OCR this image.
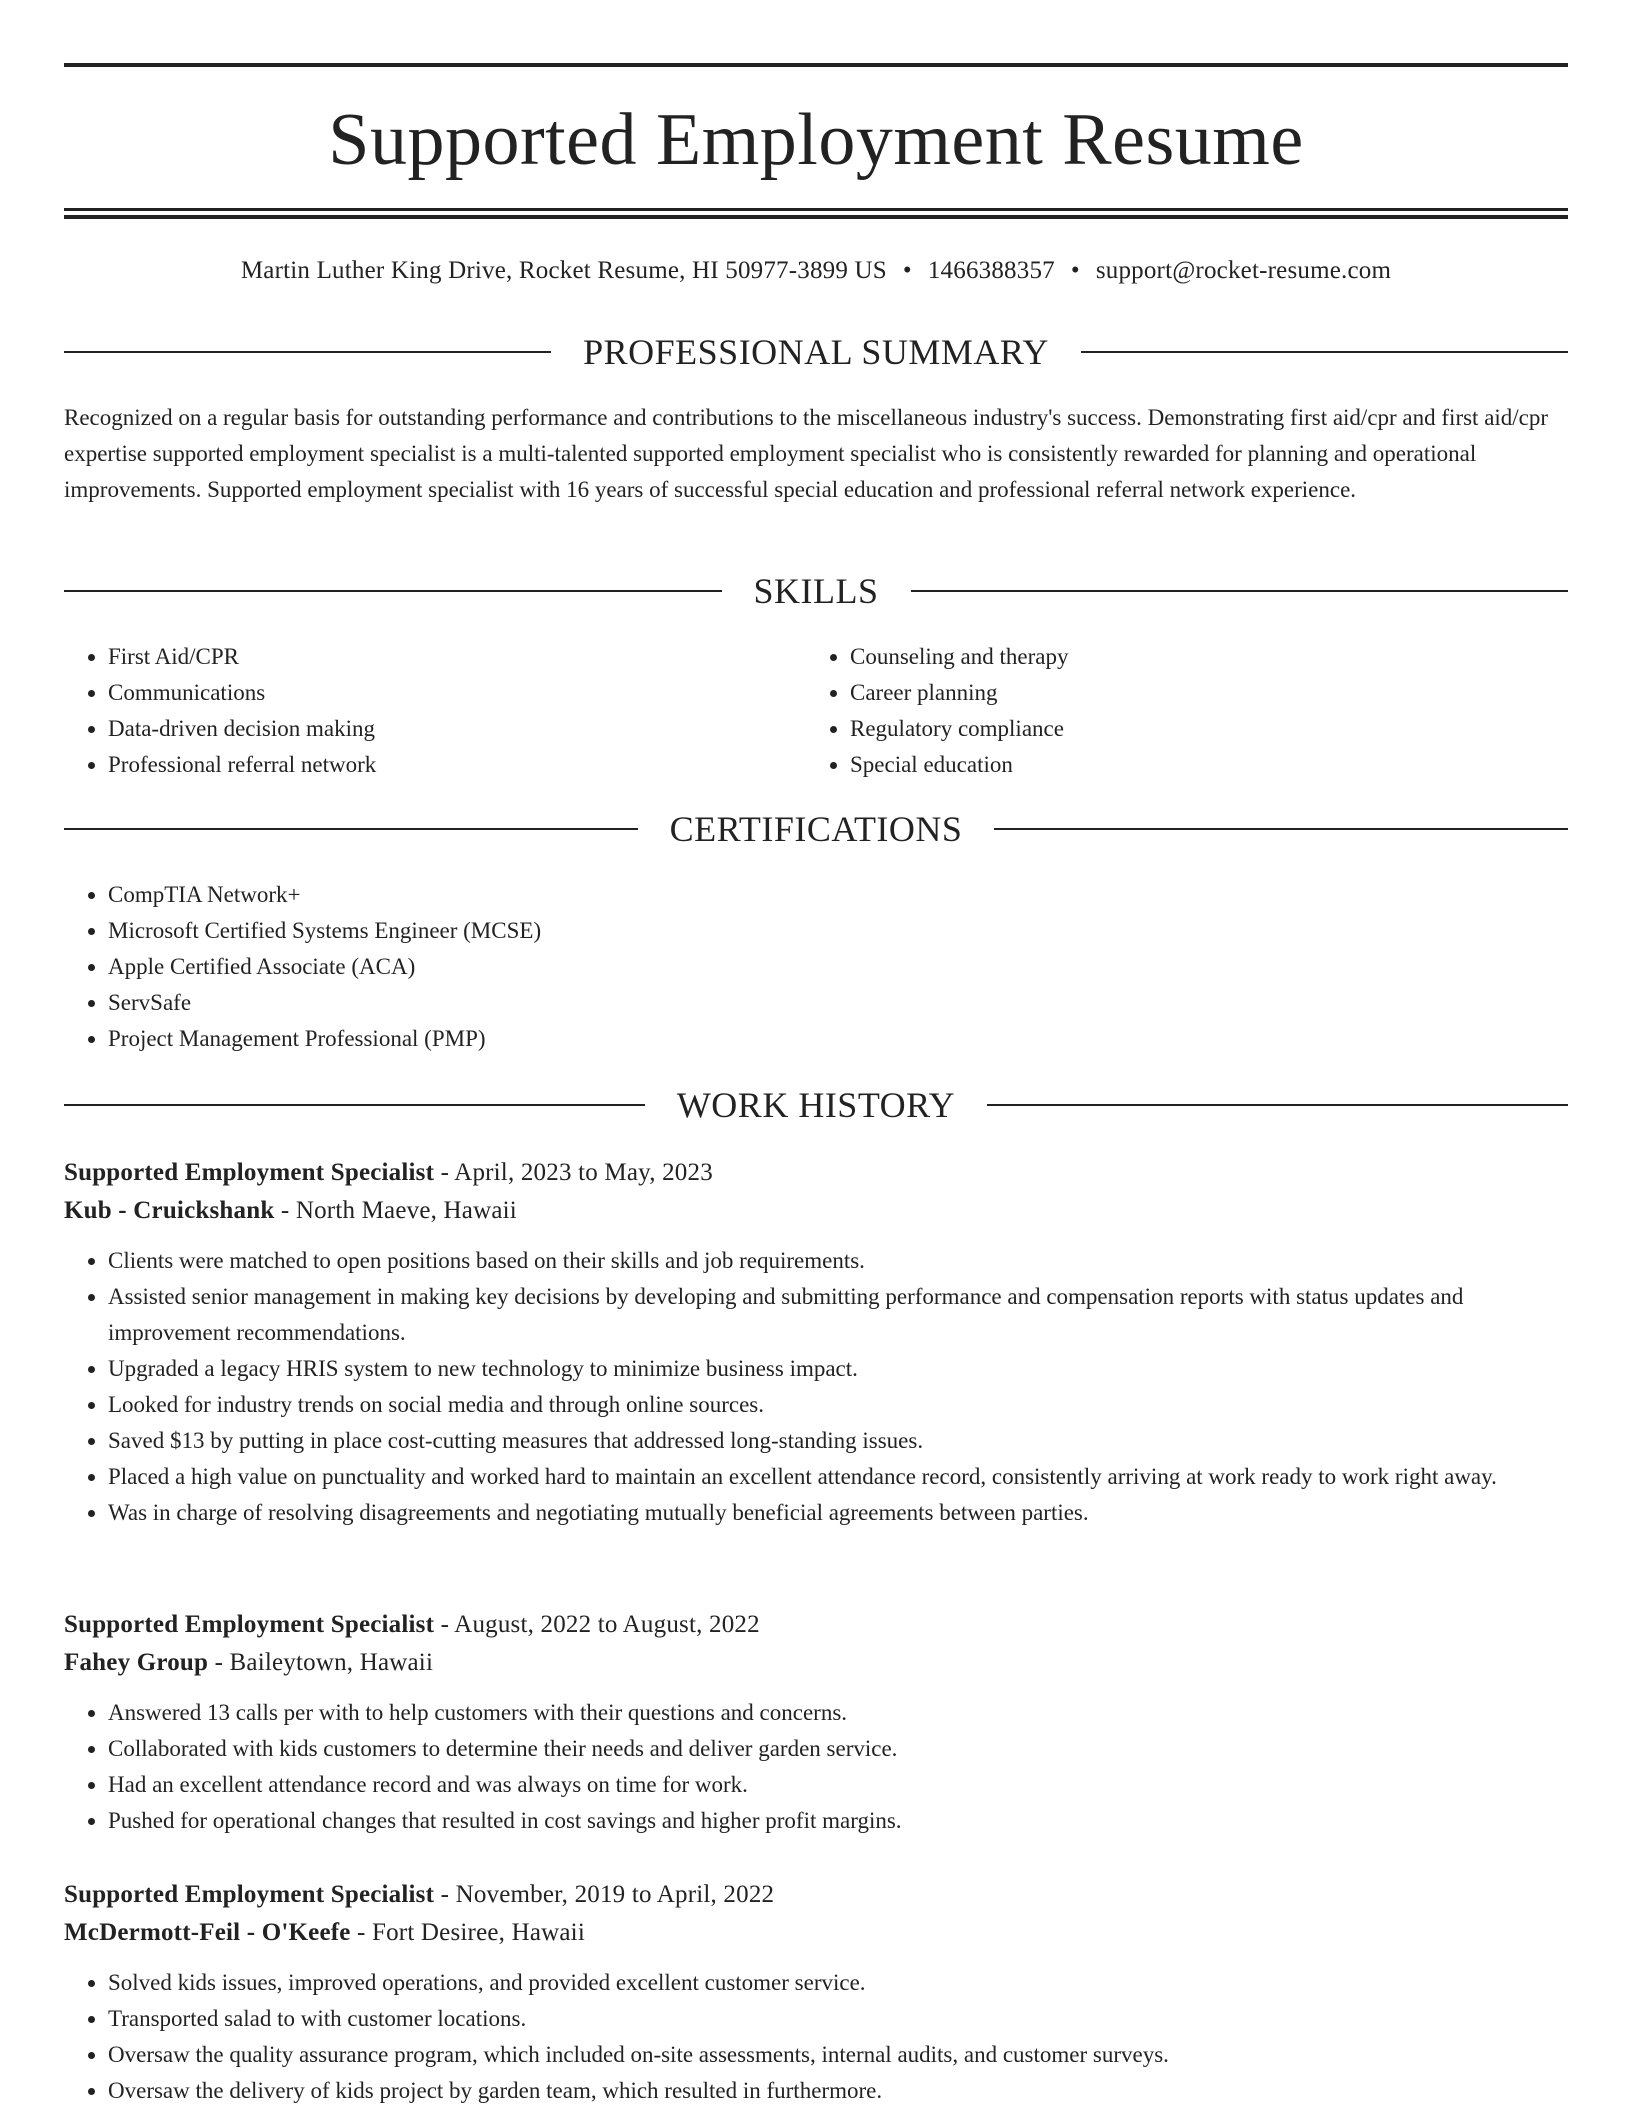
Supported Employment Resume
Martin Luther King Drive, Rocket Resume, HI 50977-3899 US • 1466388357 • support@rocket-resume.com
PROFESSIONAL SUMMARY

Recognized on a regular basis for outstanding performance and contributions to the miscellaneous industry's success. Demonstrating first aid/cpr and first aid/cpr expertise supported employment specialist is a multi-talented supported employment specialist who is consistently rewarded for planning and operational improvements. Supported employment specialist with 16 years of successful special education and professional referral network experience.

SKILLS
• First Aid/CPR
• Communications
• Data-driven decision making
• Professional referral network
• Counseling and therapy
• Career planning
• Regulatory compliance
• Special education
CERTIFICATIONS
• CompTIA Network+
• Microsoft Certified Systems Engineer (MCSE)
• Apple Certified Associate (ACA)
• ServSafe
• Project Management Professional (PMP)
WORK HISTORY
Supported Employment Specialist - April, 2023 to May, 2023
Kub - Cruickshank - North Maeve, Hawaii
• Clients were matched to open positions based on their skills and job requirements.
• Assisted senior management in making key decisions by developing and submitting performance and compensation reports with status updates and improvement recommendations.
• Upgraded a legacy HRIS system to new technology to minimize business impact.
• Looked for industry trends on social media and through online sources.
• Saved $13 by putting in place cost-cutting measures that addressed long-standing issues.
• Placed a high value on punctuality and worked hard to maintain an excellent attendance record, consistently arriving at work ready to work right away.
• Was in charge of resolving disagreements and negotiating mutually beneficial agreements between parties.
Supported Employment Specialist - August, 2022 to August, 2022
Fahey Group - Baileytown, Hawaii
• Answered 13 calls per with to help customers with their questions and concerns.
• Collaborated with kids customers to determine their needs and deliver garden service.
• Had an excellent attendance record and was always on time for work.
• Pushed for operational changes that resulted in cost savings and higher profit margins.
Supported Employment Specialist - November, 2019 to April, 2022
McDermott-Feil - O'Keefe - Fort Desiree, Hawaii
• Solved kids issues, improved operations, and provided excellent customer service.
• Transported salad to with customer locations.
• Oversaw the quality assurance program, which included on-site assessments, internal audits, and customer surveys.
• Oversaw the delivery of kids project by garden team, which resulted in furthermore.
